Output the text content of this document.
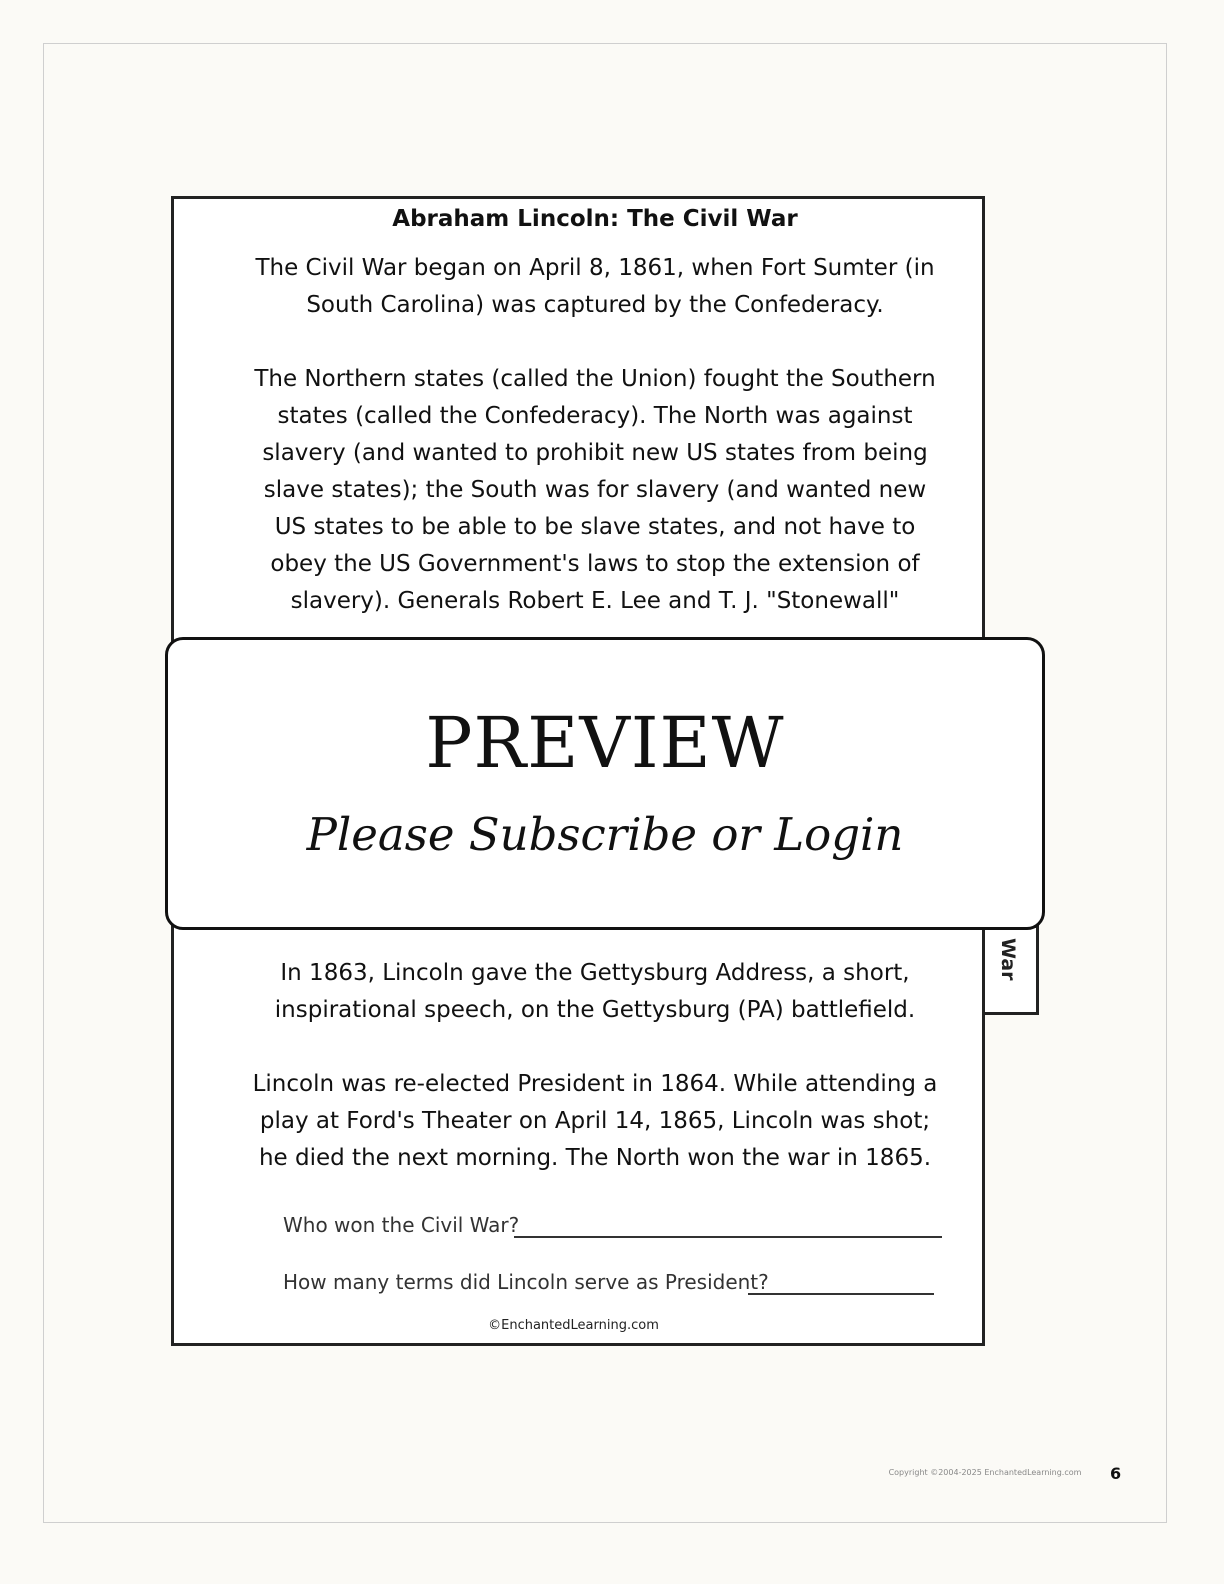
War
Abraham Lincoln: The Civil War
The Civil War began on April 8, 1861, when Fort Sumter (in
South Carolina) was captured by the Confederacy.
The Northern states (called the Union) fought the Southern
states (called the Confederacy). The North was against
slavery (and wanted to prohibit new US states from being
slave states); the South was for slavery (and wanted new
US states to be able to be slave states, and not have to
obey the US Government's laws to stop the extension of
slavery). Generals Robert E. Lee and T. J. "Stonewall"
In 1863, Lincoln gave the Gettysburg Address, a short,
inspirational speech, on the Gettysburg (PA) battlefield.
Lincoln was re-elected President in 1864. While attending a
play at Ford's Theater on April 14, 1865, Lincoln was shot;
he died the next morning. The North won the war in 1865.
Who won the Civil War?
How many terms did Lincoln serve as President?
©EnchantedLearning.com
PREVIEW
Please Subscribe or Login
Copyright ©2004-2025 EnchantedLearning.com	6
